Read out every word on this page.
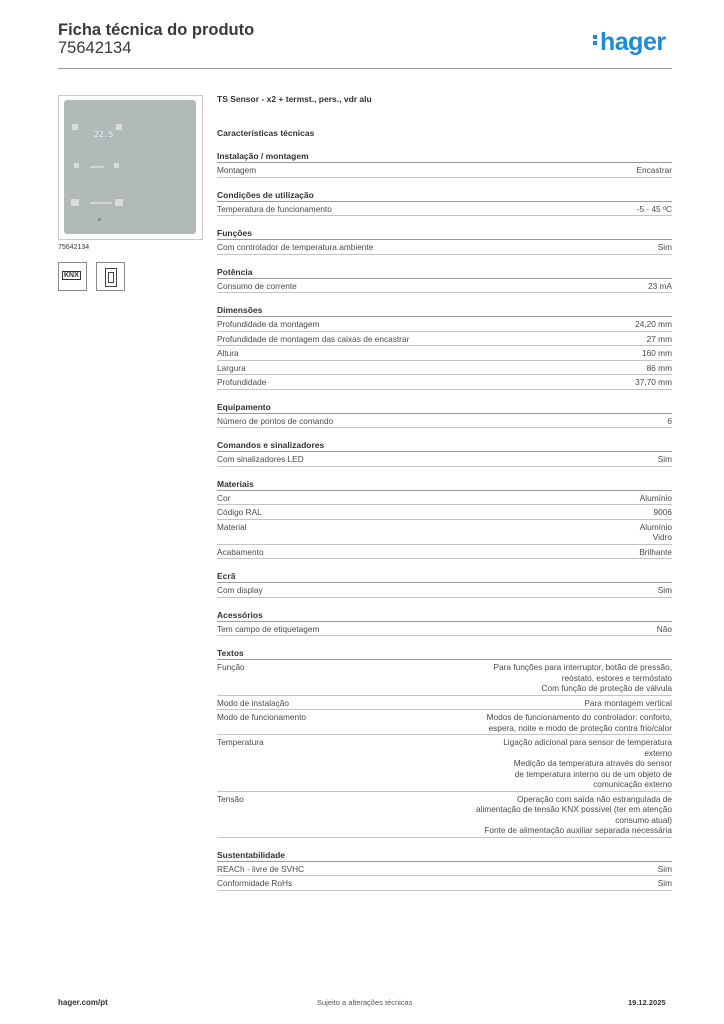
Ficha técnica do produto
75642134	hager
22.5
75642134
KNX
TS Sensor - x2 + termst., pers., vdr alu
Características técnicas
Instalação / montagem
Montagem	Encastrar
Condições de utilização
Temperatura de funcionamento	-5 - 45 ºC
Funções
Com controlador de temperatura ambiente	Sim
Potência
Consumo de corrente	23 mA
Dimensões
Profundidade da montagem	24,20 mm
Profundidade de montagem das caixas de encastrar	27 mm
Altura	160 mm
Largura	86 mm
Profundidade	37,70 mm
Equipamento
Número de pontos de comando	6
Comandos e sinalizadores
Com sinalizadores LED	Sim
Materiais
Cor	Alumínio
Código RAL	9006
Material	Alumínio
Vidro
Acabamento	Brilhante
Ecrã
Com display	Sim
Acessórios
Tem campo de etiquetagem	Não
Textos
Função	Para funções para interruptor, botão de pressão,
reóstato, estores e termóstato
Com função de proteção de válvula
Modo de instalação	Para montagem vertical
Modo de funcionamento	Modos de funcionamento do controlador: conforto,
espera, noite e modo de proteção contra frio/calor
Temperatura	Ligação adicional para sensor de temperatura
externo
Medição da temperatura através do sensor
de temperatura interno ou de um objeto de
comunicação externo
Tensão	Operação com saída não estrangulada de
alimentação de tensão KNX possível (ter em atenção
consumo atual)
Fonte de alimentação auxiliar separada necessária
Sustentabilidade
REACh - livre de SVHC	Sim
Conformidade RoHs	Sim
hager.com/pt	Sujeito a alterações técnicas	19.12.2025
